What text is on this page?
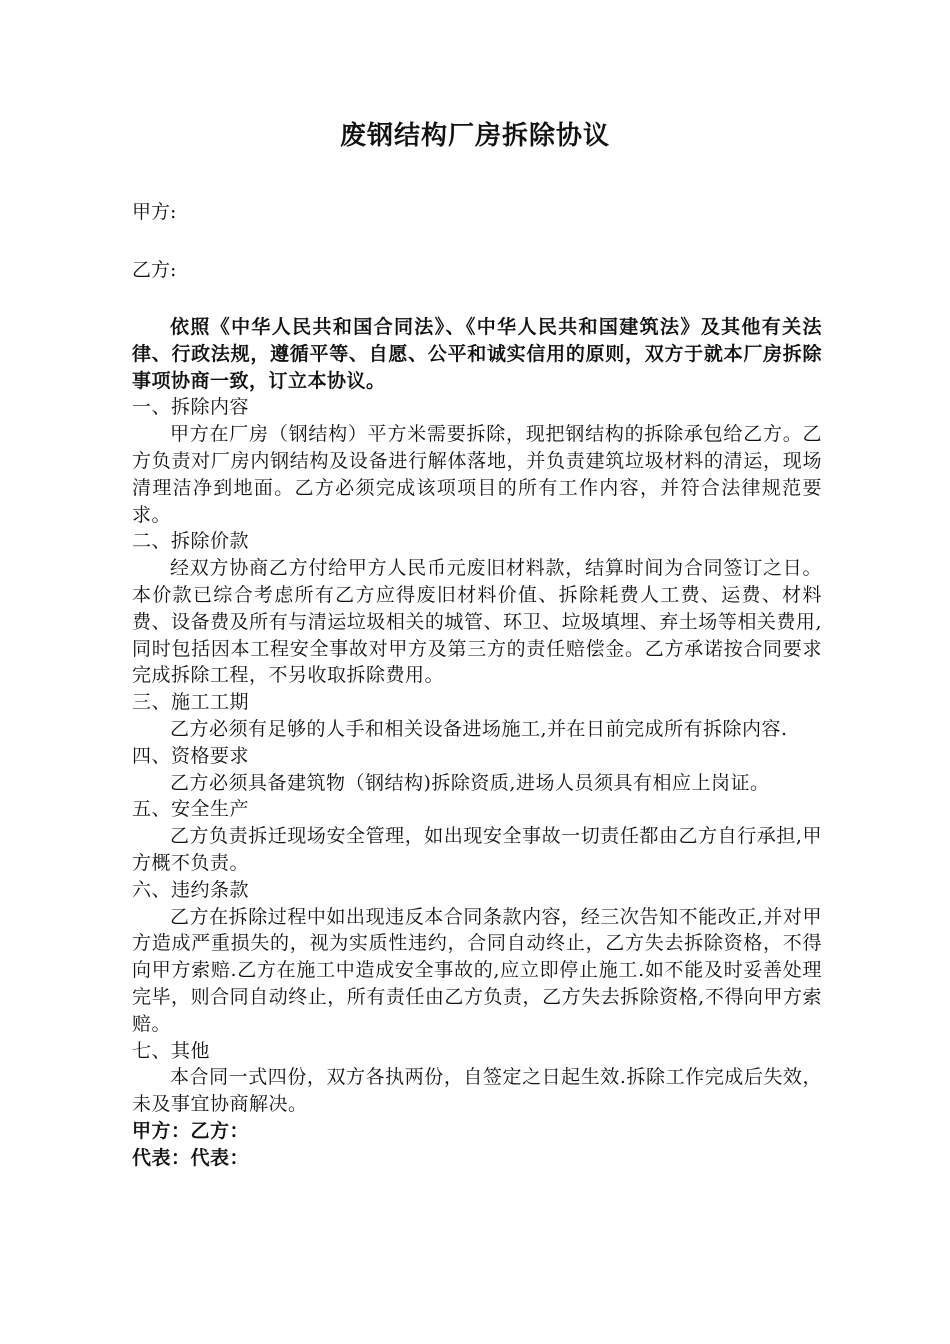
废钢结构厂房拆除协议
甲方:
乙方:

依照《中华人民共和国合同法》、《中华人民共和国建筑法》及其他有关法律、行政法规，遵循平等、自愿、公平和诚实信用的原则，双方于就本厂房拆除事项协商一致，订立本协议。

一、拆除内容

甲方在厂房（钢结构）平方米需要拆除，现把钢结构的拆除承包给乙方。乙方负责对厂房内钢结构及设备进行解体落地，并负责建筑垃圾材料的清运，现场清理洁净到地面。乙方必须完成该项项目的所有工作内容，并符合法律规范要求。

二、拆除价款

经双方协商乙方付给甲方人民币元废旧材料款，结算时间为合同签订之日。本价款已综合考虑所有乙方应得废旧材料价值、拆除耗费人工费、运费、材料费、设备费及所有与清运垃圾相关的城管、环卫、垃圾填埋、弃土场等相关费用,同时包括因本工程安全事故对甲方及第三方的责任赔偿金。乙方承诺按合同要求完成拆除工程，不另收取拆除费用。

三、施工工期

乙方必须有足够的人手和相关设备进场施工,并在日前完成所有拆除内容.

四、资格要求

乙方必须具备建筑物（钢结构)拆除资质,进场人员须具有相应上岗证。

五、安全生产

乙方负责拆迁现场安全管理，如出现安全事故一切责任都由乙方自行承担,甲方概不负责。

六、违约条款

乙方在拆除过程中如出现违反本合同条款内容，经三次告知不能改正,并对甲方造成严重损失的，视为实质性违约，合同自动终止，乙方失去拆除资格，不得向甲方索赔.乙方在施工中造成安全事故的,应立即停止施工.如不能及时妥善处理完毕，则合同自动终止，所有责任由乙方负责，乙方失去拆除资格,不得向甲方索赔。

七、其他

本合同一式四份，双方各执两份，自签定之日起生效.拆除工作完成后失效，未及事宜协商解决。

甲方：乙方：

代表：代表：
